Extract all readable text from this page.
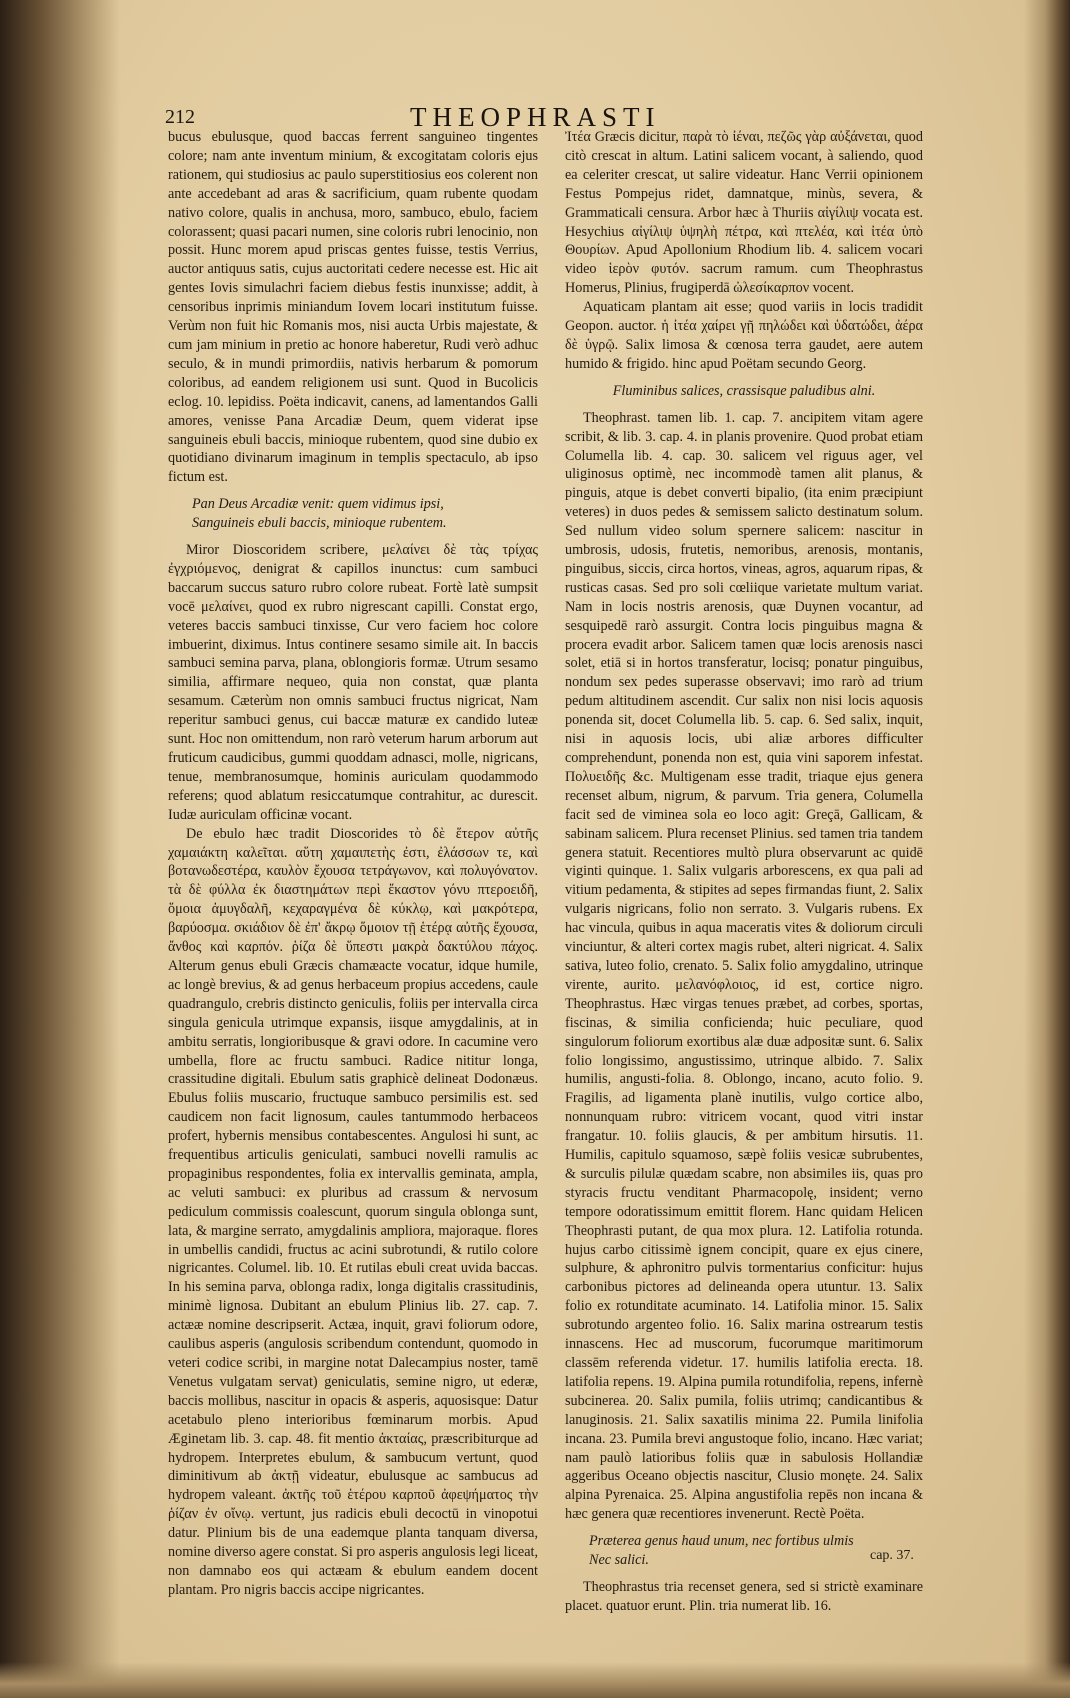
212	THEOPHRASTI

bucus ebulusque, quod baccas ferrent sanguineo tingentes colore; nam ante inventum minium, & excogitatam coloris ejus rationem, qui studiosius ac paulo superstitiosius eos colerent non ante accedebant ad aras & sacrificium, quam rubente quodam nativo colore, qualis in anchusa, moro, sambuco, ebulo, faciem colorassent; quasi pacari numen, sine coloris rubri lenocinio, non possit. Hunc morem apud priscas gentes fuisse, testis Verrius, auctor antiquus satis, cujus auctoritati cedere necesse est. Hic ait gentes Iovis simulachri faciem diebus festis inunxisse; addit, à censoribus inprimis miniandum Iovem locari institutum fuisse. Verùm non fuit hic Romanis mos, nisi aucta Urbis majestate, & cum jam minium in pretio ac honore haberetur, Rudi verò adhuc seculo, & in mundi primordiis, nativis herbarum & pomorum coloribus, ad eandem religionem usi sunt. Quod in Bucolicis eclog. 10. lepidiss. Poëta indicavit, canens, ad lamentandos Galli amores, venisse Pana Arcadiæ Deum, quem viderat ipse sanguineis ebuli baccis, minioque rubentem, quod sine dubio ex quotidiano divinarum imaginum in templis spectaculo, ab ipso fictum est.

Pan Deus Arcadiæ venit: quem vidimus ipsi,
Sanguineis ebuli baccis, minioque rubentem.

Miror Dioscoridem scribere, μελαίνει δὲ τὰς τρίχας ἐγχριόμενος, denigrat & capillos inunctus: cum sambuci baccarum succus saturo rubro colore rubeat. Fortè latè sumpsit vocē μελαίνει, quod ex rubro nigrescant capilli. Constat ergo, veteres baccis sambuci tinxisse, Cur vero faciem hoc colore imbuerint, diximus. Intus continere sesamo simile ait. In baccis sambuci semina parva, plana, oblongioris formæ. Utrum sesamo similia, affirmare nequeo, quia non constat, quæ planta sesamum. Cæterùm non omnis sambuci fructus nigricat, Nam reperitur sambuci genus, cui baccæ maturæ ex candido luteæ sunt. Hoc non omittendum, non rarò veterum harum arborum aut fruticum caudicibus, gummi quoddam adnasci, molle, nigricans, tenue, membranosumque, hominis auriculam quodammodo referens; quod ablatum resiccatumque contrahitur, ac durescit. Iudæ auriculam officinæ vocant.

De ebulo hæc tradit Dioscorides τὸ δὲ ἕτερον αὐτῆς χαμαιάκτη καλεῖται. αὕτη χαμαιπετὴς ἐστι, ἐλάσσων τε, καὶ βοτανωδεστέρα, καυλὸν ἔχουσα τετράγωνον, καὶ πολυγόνατον. τὰ δὲ φύλλα ἐκ διαστημάτων περὶ ἕκαστον γόνυ πτεροειδῆ, ὅμοια ἀμυγδαλῆ, κεχαραγμένα δὲ κύκλῳ, καὶ μακρότερα, βαρύοσμα. σκιάδιον δὲ ἐπ' ἄκρῳ ὅμοιον τῇ ἑτέρᾳ αὐτῆς ἔχουσα, ἄνθος καὶ καρπόν. ῥίζα δὲ ὕπεστι μακρὰ δακτύλου πάχος. Alterum genus ebuli Græcis chamæacte vocatur, idque humile, ac longè brevius, & ad genus herbaceum propius accedens, caule quadrangulo, crebris distincto geniculis, foliis per intervalla circa singula genicula utrimque expansis, iisque amygdalinis, at in ambitu serratis, longioribusque & gravi odore. In cacumine vero umbella, flore ac fructu sambuci. Radice nititur longa, crassitudine digitali. Ebulum satis graphicè delineat Dodonæus. Ebulus foliis muscario, fructuque sambuco persimilis est. sed caudicem non facit lignosum, caules tantummodo herbaceos profert, hybernis mensibus contabescentes. Angulosi hi sunt, ac frequentibus articulis geniculati, sambuci novelli ramulis ac propaginibus respondentes, folia ex intervallis geminata, ampla, ac veluti sambuci: ex pluribus ad crassum & nervosum pediculum commissis coalescunt, quorum singula oblonga sunt, lata, & margine serrato, amygdalinis ampliora, majoraque. flores in umbellis candidi, fructus ac acini subrotundi, & rutilo colore nigricantes. Columel. lib. 10. Et rutilas ebuli creat uvida baccas. In his semina parva, oblonga radix, longa digitalis crassitudinis, minimè lignosa. Dubitant an ebulum Plinius lib. 27. cap. 7. actææ nomine descripserit. Actæa, inquit, gravi foliorum odore, caulibus asperis (angulosis scribendum contendunt, quomodo in veteri codice scribi, in margine notat Dalecampius noster, tamē Venetus vulgatam servat) geniculatis, semine nigro, ut ederæ, baccis mollibus, nascitur in opacis & asperis, aquosisque: Datur acetabulo pleno interioribus fœminarum morbis. Apud Æginetam lib. 3. cap. 48. fit mentio ἀκταίας, præscribiturque ad hydropem. Interpretes ebulum, & sambucum vertunt, quod diminitivum ab ἀκτῇ videatur, ebulusque ac sambucus ad hydropem valeant. ἀκτῆς τοῦ ἑτέρου καρποῦ ἀφεψήματος τὴν ῥίζαν ἐν οἴνῳ. vertunt, jus radicis ebuli decoctū in vinopotui datur. Plinium bis de una eademque planta tanquam diversa, nomine diverso agere constat. Si pro asperis angulosis legi liceat, non damnabo eos qui actæam & ebulum eandem docent plantam. Pro nigris baccis accipe nigricantes.

Ἰτέα Græcis dicitur, παρὰ τὸ ἰέναι, πεζῶς γὰρ αὐξάνεται, quod citò crescat in altum. Latini salicem vocant, à saliendo, quod ea celeriter crescat, ut salire videatur. Hanc Verrii opinionem Festus Pompejus ridet, damnatque, minùs, severa, & Grammaticali censura. Arbor hæc à Thuriis αἰγίλιψ vocata est. Hesychius αἰγίλιψ ὑψηλὴ πέτρα, καὶ πτελέα, καὶ ἰτέα ὑπὸ Θουρίων. Apud Apollonium Rhodium lib. 4. salicem vocari video ἱερὸν φυτόν. sacrum ramum. cum Theophrastus Homerus, Plinius, frugiperdā ὠλεσίκαρπον vocent.

Aquaticam plantam ait esse; quod variis in locis tradidit Geopon. auctor. ἡ ἰτέα χαίρει γῇ πηλώδει καὶ ὑδατώδει, ἀέρα δὲ ὑγρῷ. Salix limosa & cœnosa terra gaudet, aere autem humido & frigido. hinc apud Poëtam secundo Georg.

Fluminibus salices, crassisque paludibus alni.

Theophrast. tamen lib. 1. cap. 7. ancipitem vitam agere scribit, & lib. 3. cap. 4. in planis provenire. Quod probat etiam Columella lib. 4. cap. 30. salicem vel riguus ager, vel uliginosus optimè, nec incommodè tamen alit planus, & pinguis, atque is debet converti bipalio, (ita enim præcipiunt veteres) in duos pedes & semissem salicto destinatum solum. Sed nullum video solum spernere salicem: nascitur in umbrosis, udosis, frutetis, nemoribus, arenosis, montanis, pinguibus, siccis, circa hortos, vineas, agros, aquarum ripas, & rusticas casas. Sed pro soli cœliique varietate multum variat. Nam in locis nostris arenosis, quæ Duynen vocantur, ad sesquipedē rarò assurgit. Contra locis pinguibus magna & procera evadit arbor. Salicem tamen quæ locis arenosis nasci solet, etiā si in hortos transferatur, locisq; ponatur pinguibus, nondum sex pedes superasse observavi; imo rarò ad trium pedum altitudinem ascendit. Cur salix non nisi locis aquosis ponenda sit, docet Columella lib. 5. cap. 6. Sed salix, inquit, nisi in aquosis locis, ubi aliæ arbores difficulter comprehendunt, ponenda non est, quia vini saporem infestat. Πολυειδῆς &c. Multigenam esse tradit, triaque ejus genera recenset album, nigrum, & parvum. Tria genera, Columella facit sed de viminea sola eo loco agit: Greçā, Gallicam, & sabinam salicem. Plura recenset Plinius. sed tamen tria tandem genera statuit. Recentiores multò plura observarunt ac quidē viginti quinque. 1. Salix vulgaris arborescens, ex qua pali ad vitium pedamenta, & stipites ad sepes firmandas fiunt, 2. Salix vulgaris nigricans, folio non serrato. 3. Vulgaris rubens. Ex hac vincula, quibus in aqua maceratis vites & doliorum circuli vinciuntur, & alteri cortex magis rubet, alteri nigricat. 4. Salix sativa, luteo folio, crenato. 5. Salix folio amygdalino, utrinque virente, aurito. μελανόφλοιος, id est, cortice nigro. Theophrastus. Hæc virgas tenues præbet, ad corbes, sportas, fiscinas, & similia conficienda; huic peculiare, quod singulorum foliorum exortibus alæ duæ adpositæ sunt. 6. Salix folio longissimo, angustissimo, utrinque albido. 7. Salix humilis, angusti-folia. 8. Oblongo, incano, acuto folio. 9. Fragilis, ad ligamenta planè inutilis, vulgo cortice albo, nonnunquam rubro: vitricem vocant, quod vitri instar frangatur. 10. foliis glaucis, & per ambitum hirsutis. 11. Humilis, capitulo squamoso, sæpè foliis vesicæ subrubentes, & surculis pilulæ quædam scabre, non absimiles iis, quas pro styracis fructu venditant Pharmacopolę, insident; verno tempore odoratissimum emittit florem. Hanc quidam Helicen Theophrasti putant, de qua mox plura. 12. Latifolia rotunda. hujus carbo citissimè ignem concipit, quare ex ejus cinere, sulphure, & aphronitro pulvis tormentarius conficitur: hujus carbonibus pictores ad delineanda opera utuntur. 13. Salix folio ex rotunditate acuminato. 14. Latifolia minor. 15. Salix subrotundo argenteo folio. 16. Salix marina ostrearum testis innascens. Hec ad muscorum, fucorumque maritimorum classēm referenda videtur. 17. humilis latifolia erecta. 18. latifolia repens. 19. Alpina pumila rotundifolia, repens, infernè subcinerea. 20. Salix pumila, foliis utrimq; candicantibus & lanuginosis. 21. Salix saxatilis minima 22. Pumila linifolia incana. 23. Pumila brevi angustoque folio, incano. Hæc variat; nam paulò latioribus foliis quæ in sabulosis Hollandiæ aggeribus Oceano objectis nascitur, Clusio monęte. 24. Salix alpina Pyrenaica. 25. Alpina angustifolia repēs non incana & hæc genera quæ recentiores invenerunt. Rectè Poëta.

Præterea genus haud unum, nec fortibus ulmis
Nec salici.

Theophrastus tria recenset genera, sed si strictè examinare placet. quatuor erunt. Plin. tria numerat lib. 16.

cap. 37.
